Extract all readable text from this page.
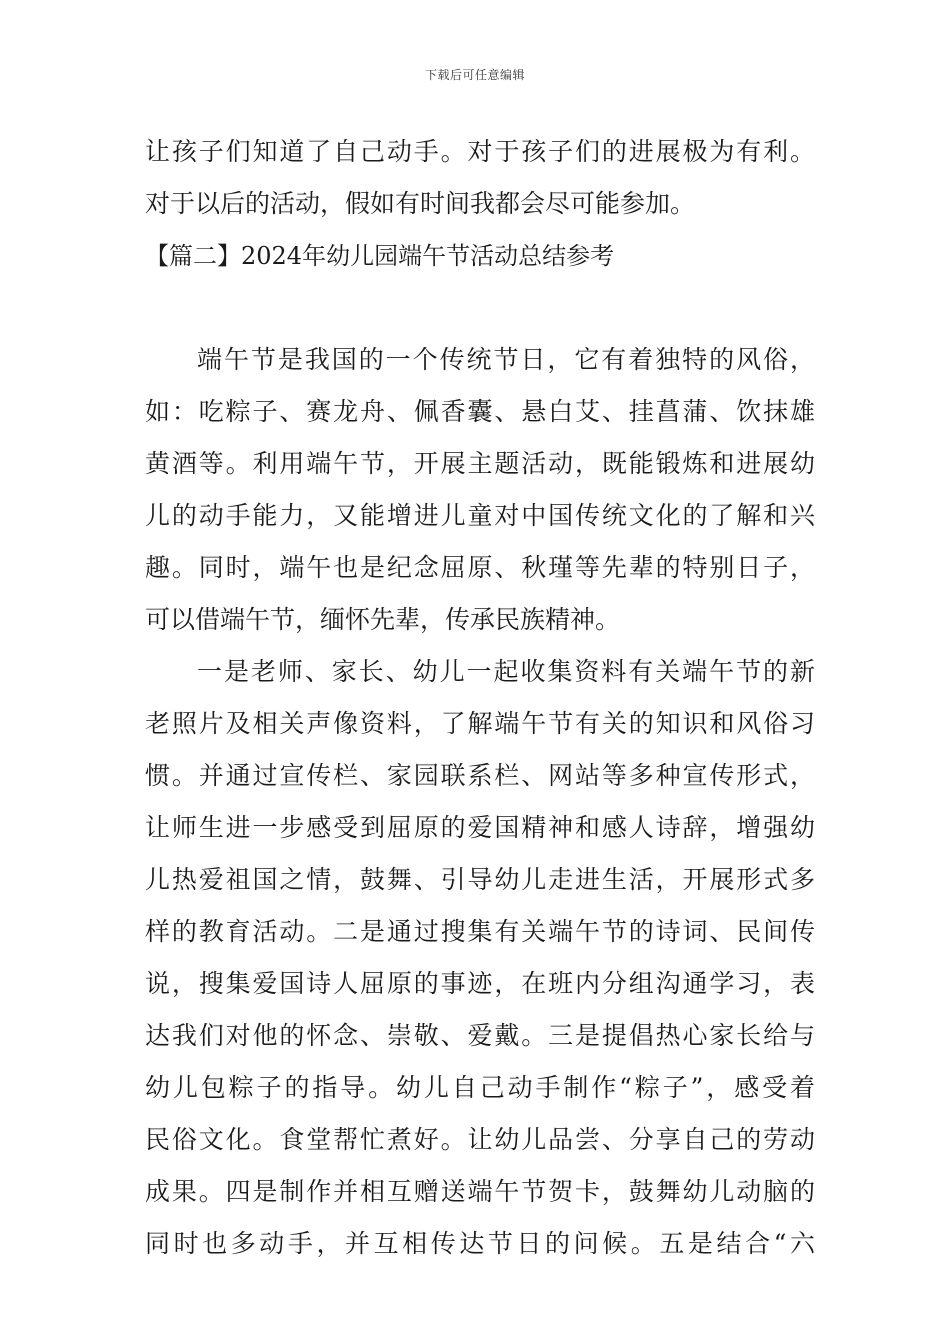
下载后可任意编辑
让孩子们知道了自己动手。对于孩子们的进展极为有利。
对于以后的活动，假如有时间我都会尽可能参加。
【篇二】2024年幼儿园端午节活动总结参考
端午节是我国的一个传统节日，它有着独特的风俗，
如：吃粽子、赛龙舟、佩香囊、悬白艾、挂菖蒲、饮抹雄
黄酒等。利用端午节，开展主题活动，既能锻炼和进展幼
儿的动手能力，又能增进儿童对中国传统文化的了解和兴
趣。同时，端午也是纪念屈原、秋瑾等先辈的特别日子，
可以借端午节，缅怀先辈，传承民族精神。
一是老师、家长、幼儿一起收集资料有关端午节的新
老照片及相关声像资料，了解端午节有关的知识和风俗习
惯。并通过宣传栏、家园联系栏、网站等多种宣传形式，
让师生进一步感受到屈原的爱国精神和感人诗辞，增强幼
儿热爱祖国之情，鼓舞、引导幼儿走进生活，开展形式多
样的教育活动。二是通过搜集有关端午节的诗词、民间传
说，搜集爱国诗人屈原的事迹，在班内分组沟通学习，表
达我们对他的怀念、崇敬、爱戴。三是提倡热心家长给与
幼儿包粽子的指导。幼儿自己动手制作“粽子”，感受着
民俗文化。食堂帮忙煮好。让幼儿品尝、分享自己的劳动
成果。四是制作并相互赠送端午节贺卡，鼓舞幼儿动脑的
同时也多动手，并互相传达节日的问候。五是结合“六
